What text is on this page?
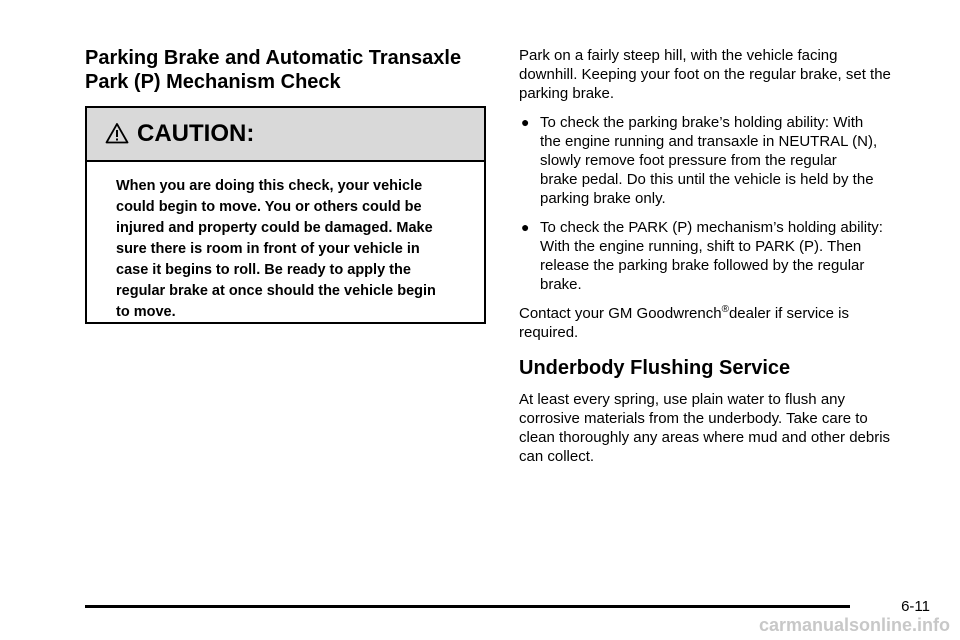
Parking Brake and Automatic Transaxle
Park (P) Mechanism Check
CAUTION:
When you are doing this check, your vehicle
could begin to move. You or others could be
injured and property could be damaged. Make
sure there is room in front of your vehicle in
case it begins to roll. Be ready to apply the
regular brake at once should the vehicle begin
to move.
Park on a fairly steep hill, with the vehicle facing
downhill. Keeping your foot on the regular brake, set the
parking brake.
● To check the parking brake’s holding ability: With
the engine running and transaxle in NEUTRAL (N),
slowly remove foot pressure from the regular
brake pedal. Do this until the vehicle is held by the
parking brake only.
● To check the PARK (P) mechanism’s holding ability:
With the engine running, shift to PARK (P). Then
release the parking brake followed by the regular
brake.
Contact your GM Goodwrench®dealer if service is
required.
Underbody Flushing Service
At least every spring, use plain water to flush any
corrosive materials from the underbody. Take care to
clean thoroughly any areas where mud and other debris
can collect.
6-11
carmanualsonline.info
